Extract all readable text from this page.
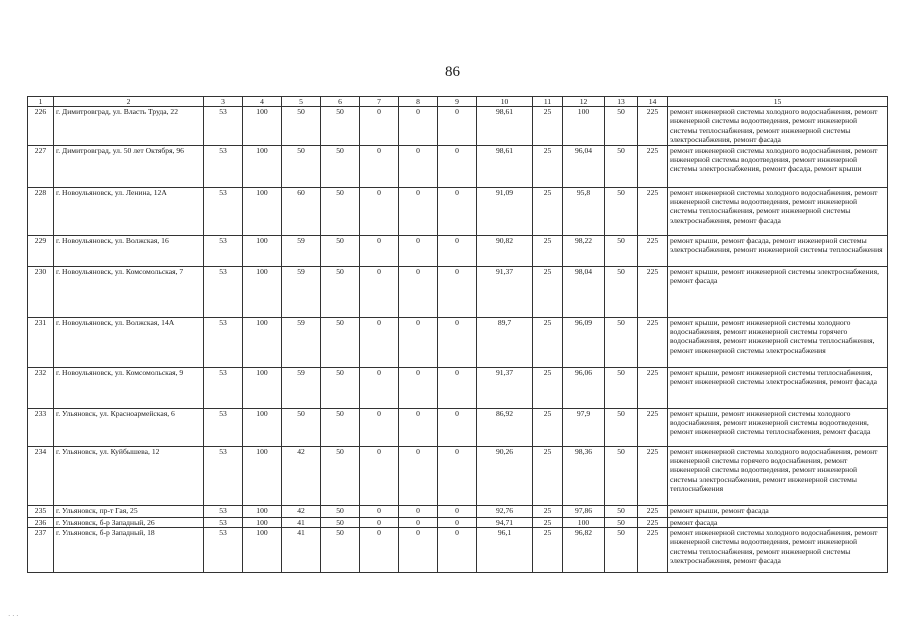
86
1	2	3	4	5	6	7	8	9	10	11	12	13	14	15
226	г. Димитровград, ул. Власть Труда, 22	53	100	50	50	0	0	0	98,61	25	100	50	225	ремонт инженерной системы холодного водоснабжения, ремонт инженерной системы водоотведения, ремонт инженерной системы теплоснабжения, ремонт инженерной системы электроснабжения, ремонт фасада
227	г. Димитровград, ул. 50 лет Октября, 96	53	100	50	50	0	0	0	98,61	25	96,04	50	225	ремонт инженерной системы холодного водоснабжения, ремонт инженерной системы водоотведения, ремонт инженерной системы электроснабжения, ремонт фасада, ремонт крыши
228	г. Новоульяновск, ул. Ленина, 12А	53	100	60	50	0	0	0	91,09	25	95,8	50	225	ремонт инженерной системы холодного водоснабжения, ремонт инженерной системы водоотведения, ремонт инженерной системы теплоснабжения, ремонт инженерной системы электроснабжения, ремонт фасада
229	г. Новоульяновск, ул. Волжская, 16	53	100	59	50	0	0	0	90,82	25	98,22	50	225	ремонт крыши, ремонт фасада, ремонт инженерной системы электроснабжения, ремонт инженерной системы теплоснабжения
230	г. Новоульяновск, ул. Комсомольская, 7	53	100	59	50	0	0	0	91,37	25	98,04	50	225	ремонт крыши, ремонт инженерной системы электроснабжения, ремонт фасада
231	г. Новоульяновск, ул. Волжская, 14А	53	100	59	50	0	0	0	89,7	25	96,09	50	225	ремонт крыши, ремонт инженерной системы холодного водоснабжения, ремонт инженерной системы горячего водоснабжения, ремонт инженерной системы теплоснабжения, ремонт инженерной системы электроснабжения
232	г. Новоульяновск, ул. Комсомольская, 9	53	100	59	50	0	0	0	91,37	25	96,06	50	225	ремонт крыши, ремонт инженерной системы теплоснабжения, ремонт инженерной системы электроснабжения, ремонт фасада
233	г. Ульяновск, ул. Красноармейская, 6	53	100	50	50	0	0	0	86,92	25	97,9	50	225	ремонт крыши, ремонт инженерной системы холодного водоснабжения, ремонт инженерной системы водоотведения, ремонт инженерной системы теплоснабжения, ремонт фасада
234	г. Ульяновск, ул. Куйбышева, 12	53	100	42	50	0	0	0	90,26	25	98,36	50	225	ремонт инженерной системы холодного водоснабжения, ремонт инженерной системы горячего водоснабжения, ремонт инженерной системы водоотведения, ремонт инженерной системы электроснабжения, ремонт инженерной системы теплоснабжения
235	г. Ульяновск, пр-т Гая, 25	53	100	42	50	0	0	0	92,76	25	97,86	50	225	ремонт крыши, ремонт фасада
236	г. Ульяновск, б-р Западный, 26	53	100	41	50	0	0	0	94,71	25	100	50	225	ремонт фасада
237	г. Ульяновск, б-р Западный, 18	53	100	41	50	0	0	0	96,1	25	96,82	50	225	ремонт инженерной системы холодного водоснабжения, ремонт инженерной системы водоотведения, ремонт инженерной системы теплоснабжения, ремонт инженерной системы электроснабжения, ремонт фасада
· · ·
